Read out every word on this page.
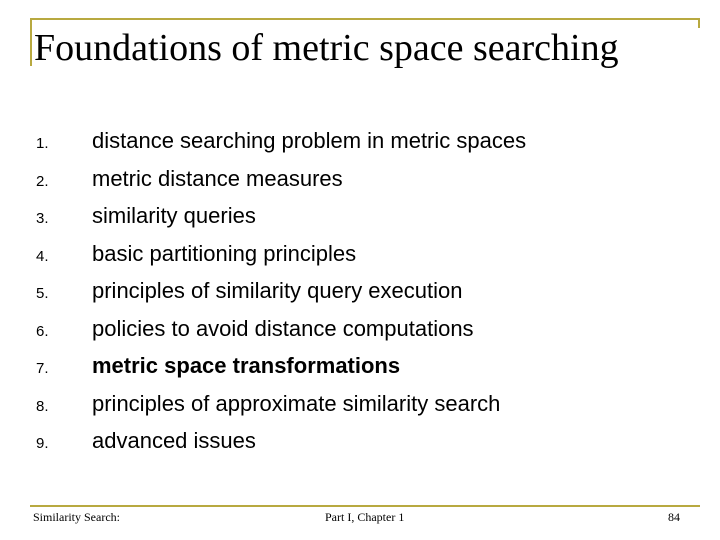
Foundations of metric space searching
1.	distance searching problem in metric spaces
2.	metric distance measures
3.	similarity queries
4.	basic partitioning principles
5.	principles of similarity query execution
6.	policies to avoid distance computations
7.	metric space transformations
8.	principles of approximate similarity search
9.	advanced issues
Similarity Search:	Part I, Chapter 1	84
